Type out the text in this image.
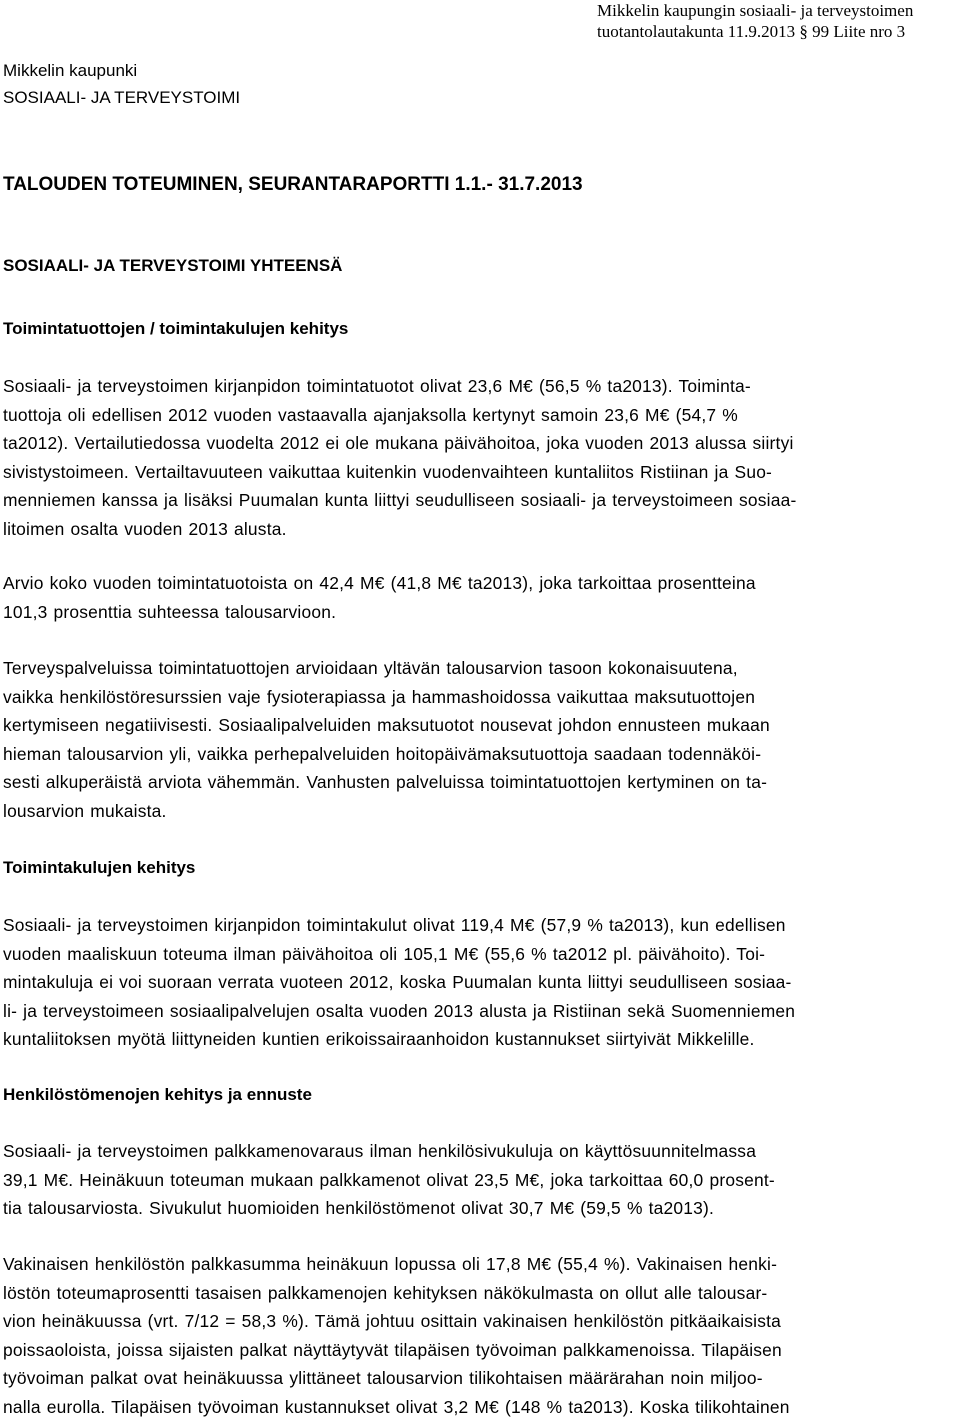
Mikkelin kaupungin sosiaali- ja terveystoimen
tuotantolautakunta 11.9.2013 § 99 Liite nro 3
Mikkelin kaupunki
SOSIAALI- JA TERVEYSTOIMI
TALOUDEN TOTEUMINEN, SEURANTARAPORTTI 1.1.- 31.7.2013
SOSIAALI- JA TERVEYSTOIMI YHTEENSÄ
Toimintatuottojen / toimintakulujen kehitys

Sosiaali- ja terveystoimen kirjanpidon toimintatuotot olivat 23,6 M€ (56,5 % ta2013). Toiminta-
tuottoja oli edellisen 2012 vuoden vastaavalla ajanjaksolla kertynyt samoin 23,6 M€ (54,7 %
ta2012). Vertailutiedossa vuodelta 2012 ei ole mukana päivähoitoa, joka vuoden 2013 alussa siirtyi
sivistystoimeen. Vertailtavuuteen vaikuttaa kuitenkin vuodenvaihteen kuntaliitos Ristiinan ja Suo-
menniemen kanssa ja lisäksi Puumalan kunta liittyi seudulliseen sosiaali- ja terveystoimeen sosiaa-
litoimen osalta vuoden 2013 alusta.

Arvio koko vuoden toimintatuotoista on 42,4 M€ (41,8 M€ ta2013), joka tarkoittaa prosentteina
101,3 prosenttia suhteessa talousarvioon.

Terveyspalveluissa toimintatuottojen arvioidaan yltävän talousarvion tasoon kokonaisuutena,
vaikka henkilöstöresurssien vaje fysioterapiassa ja hammashoidossa vaikuttaa maksutuottojen
kertymiseen negatiivisesti. Sosiaalipalveluiden maksutuotot nousevat johdon ennusteen mukaan
hieman talousarvion yli, vaikka perhepalveluiden hoitopäivämaksutuottoja saadaan todennäköi-
sesti alkuperäistä arviota vähemmän. Vanhusten palveluissa toimintatuottojen kertyminen on ta-
lousarvion mukaista.

Toimintakulujen kehitys

Sosiaali- ja terveystoimen kirjanpidon toimintakulut olivat 119,4 M€ (57,9 % ta2013), kun edellisen
vuoden maaliskuun toteuma ilman päivähoitoa oli 105,1 M€ (55,6 % ta2012 pl. päivähoito). Toi-
mintakuluja ei voi suoraan verrata vuoteen 2012, koska Puumalan kunta liittyi seudulliseen sosiaa-
li- ja terveystoimeen sosiaalipalvelujen osalta vuoden 2013 alusta ja Ristiinan sekä Suomenniemen
kuntaliitoksen myötä liittyneiden kuntien erikoissairaanhoidon kustannukset siirtyivät Mikkelille.

Henkilöstömenojen kehitys ja ennuste

Sosiaali- ja terveystoimen palkkamenovaraus ilman henkilösivukuluja on käyttösuunnitelmassa
39,1 M€. Heinäkuun toteuman mukaan palkkamenot olivat 23,5 M€, joka tarkoittaa 60,0 prosent-
tia talousarviosta. Sivukulut huomioiden henkilöstömenot olivat 30,7 M€ (59,5 % ta2013).

Vakinaisen henkilöstön palkkasumma heinäkuun lopussa oli 17,8 M€ (55,4 %). Vakinaisen henki-
löstön toteumaprosentti tasaisen palkkamenojen kehityksen näkökulmasta on ollut alle talousar-
vion heinäkuussa (vrt. 7/12 = 58,3 %). Tämä johtuu osittain vakinaisen henkilöstön pitkäaikaisista
poissaoloista, joissa sijaisten palkat näyttäytyvät tilapäisen työvoiman palkkamenoissa. Tilapäisen
työvoiman palkat ovat heinäkuussa ylittäneet talousarvion tilikohtaisen määrärahan noin miljoo-
nalla eurolla. Tilapäisen työvoiman kustannukset olivat 3,2 M€ (148 % ta2013). Koska tilikohtainen
